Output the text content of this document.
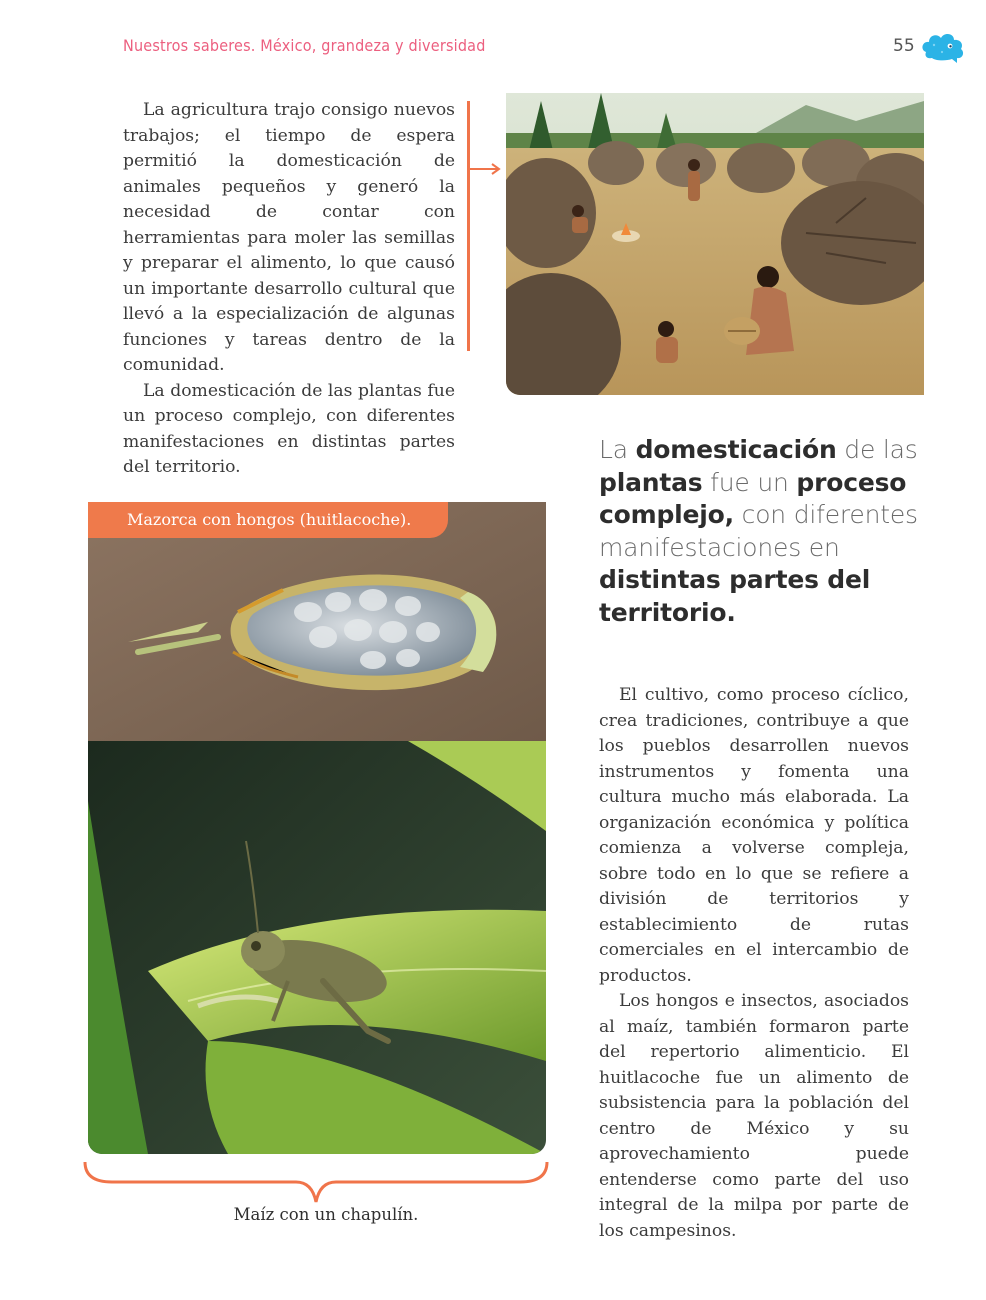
Nuestros saberes. México, grandeza y diversidad	55

La agricultura trajo consigo nuevos trabajos; el tiempo de espera permitió la domesticación de animales pequeños y generó la necesidad de contar con herramientas para moler las semillas y preparar el alimento, lo que causó un importante desarrollo cultural que llevó a la especialización de algunas funciones y tareas dentro de la comunidad.

La domesticación de las plantas fue un proceso complejo, con diferentes manifestaciones en distintas partes del territorio.

La domesticación de las plantas fue un proceso complejo, con diferentes manifestaciones en distintas partes del territorio.
Mazorca con hongos (huitlacoche).
Maíz con un chapulín.

El cultivo, como proceso cíclico, crea tradiciones, contribuye a que los pueblos desarrollen nuevos instrumentos y fomenta una cultura mucho más elaborada. La organización económica y política comienza a volverse compleja, sobre todo en lo que se refiere a división de territorios y establecimiento de rutas comerciales en el intercambio de productos.

Los hongos e insectos, asociados al maíz, también formaron parte del repertorio alimenticio. El huitlacoche fue un alimento de subsistencia para la población del centro de México y su aprovechamiento puede entenderse como parte del uso integral de la milpa por parte de los campesinos.
